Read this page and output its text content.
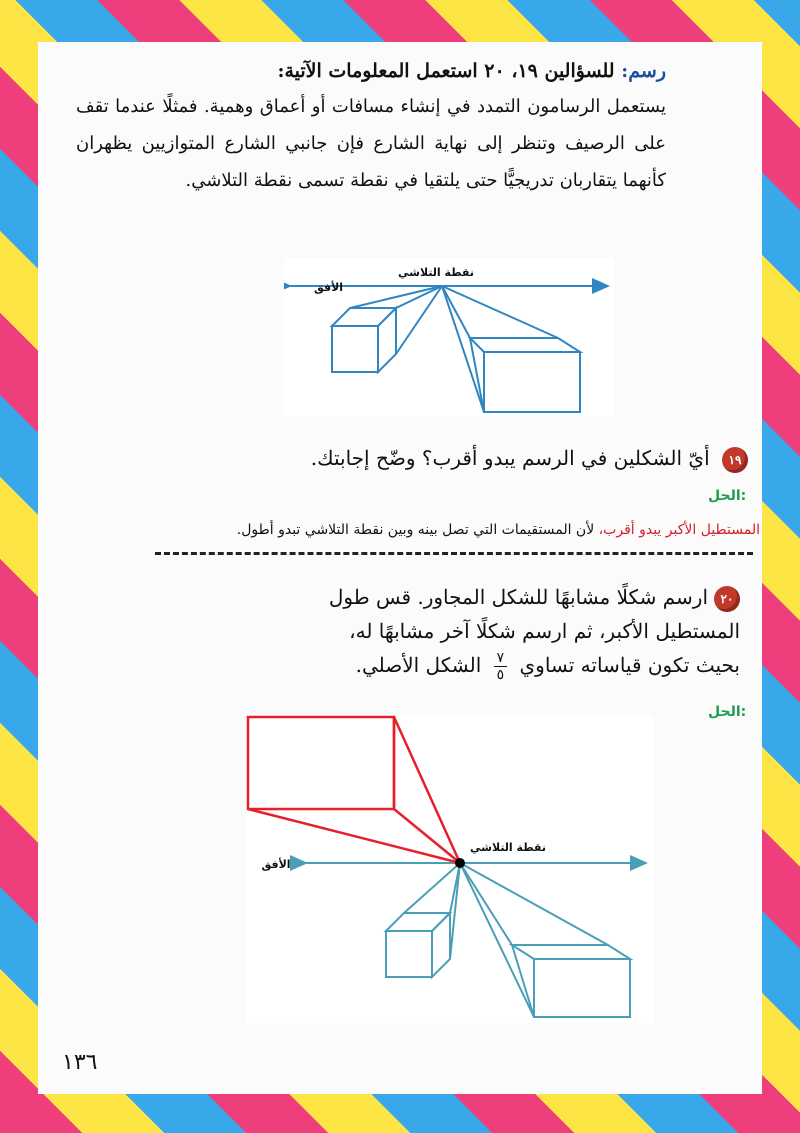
رسم: للسؤالين ١٩، ٢٠ استعمل المعلومات الآتية:

يستعمل الرسامون التمدد في إنشاء مسافات أو أعماق وهمية. فمثلًا عندما تقف على الرصيف وتنظر إلى نهاية الشارع فإن جانبي الشارع المتوازيين يظهران كأنهما يتقاربان تدريجيًّا حتى يلتقيا في نقطة تسمى نقطة التلاشي.

نقطة التلاشي
الأفق
١٩ أيّ الشكلين في الرسم يبدو أقرب؟ وضّح إجابتك.
الحل:
المستطيل الأكبر يبدو أقرب، لأن المستقيمات التي تصل بينه وبين نقطة التلاشي تبدو أطول.
٢٠ارسم شكلًا مشابهًا للشكل المجاور. قس طول
المستطيل الأكبر، ثم ارسم شكلًا آخر مشابهًا له،
بحيث تكون قياساته تساوي
$\frac{٧}{٥}$
الشكل الأصلي.
الحل:
نقطة التلاشي
الأفق
١٣٦
